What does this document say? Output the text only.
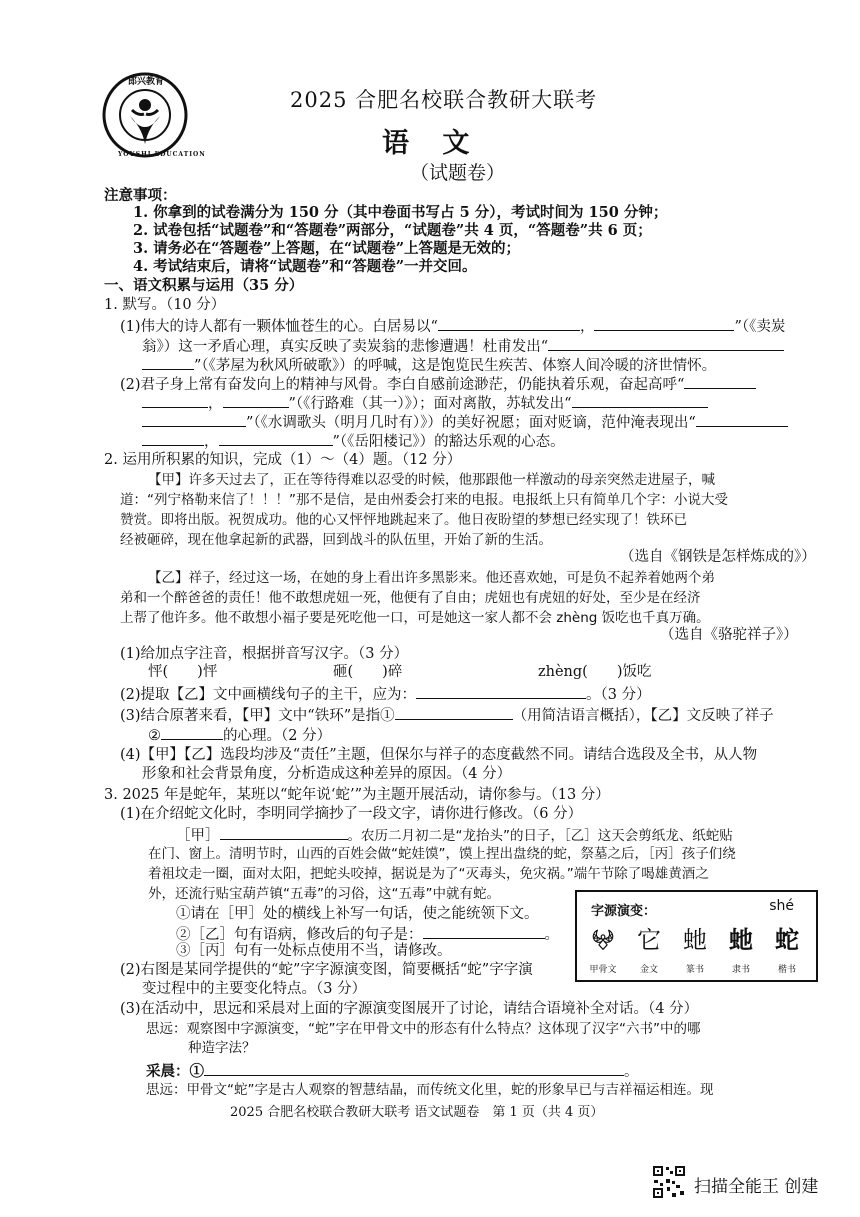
郎兴教育
YOUSHI EDUCATION
2025 合肥名校联合教研大联考
语 文
（试题卷）
注意事项：
1. 你拿到的试卷满分为 150 分（其中卷面书写占 5 分），考试时间为 150 分钟；
2. 试卷包括“试题卷”和“答题卷”两部分，“试题卷”共 4 页，“答题卷”共 6 页；
3. 请务必在“答题卷”上答题，在“试题卷”上答题是无效的；
4. 考试结束后，请将“试题卷”和“答题卷”一并交回。
一、语文积累与运用（35 分）
1. 默写。（10 分）
(1)伟大的诗人都有一颗体恤苍生的心。白居易以“	，	”（《卖炭
翁》）这一矛盾心理，真实反映了卖炭翁的悲惨遭遇！杜甫发出“
”（《茅屋为秋风所破歌》）的呼喊，这是饱览民生疾苦、体察人间冷暖的济世情怀。
(2)君子身上常有奋发向上的精神与风骨。李白自感前途渺茫，仍能执着乐观，奋起高呼“
，	”（《行路难（其一）》）；面对离散，苏轼发出“
”（《水调歌头（明月几时有）》）的美好祝愿；面对贬谪，范仲淹表现出“
，	”（《岳阳楼记》）的豁达乐观的心态。
2. 运用所积累的知识，完成（1）～（4）题。（12 分）
【甲】许多天过去了，正在等待得难以忍受的时候，他那跟他一样激动的母亲突然走进屋子，喊
道：“列宁格勒来信了！！！”那不是信，是由州委会打来的电报。电报纸上只有简单几个字：小说大受
赞赏。即将出版。祝贺成功。他的心又怦怦地跳起来了。他日夜盼望的梦想已经实现了！铁环已
经被砸碎，现在他拿起新的武器，回到战斗的队伍里，开始了新的生活。
（选自《钢铁是怎样炼成的》）
【乙】祥子，经过这一场，在她的身上看出许多黑影来。他还喜欢她，可是负不起养着她两个弟
弟和一个醉爸爸的责任！他不敢想虎妞一死，他便有了自由；虎妞也有虎妞的好处，至少是在经济
上帮了他许多。他不敢想小福子要是死吃他一口，可是她这一家人都不会 zhèng 饭吃也千真万确。
（选自《骆驼祥子》）
(1)给加点字注音，根据拼音写汉字。（3 分）
怦(　　)怦	砸(　　)碎	zhèng(　　)饭吃
(2)提取【乙】文中画横线句子的主干，应为：	。（3 分）
(3)结合原著来看，【甲】文中“铁环”是指①	（用简洁语言概括），【乙】文反映了祥子
②	的心理。（2 分）
(4)【甲】【乙】选段均涉及“责任”主题，但保尔与祥子的态度截然不同。请结合选段及全书，从人物
形象和社会背景角度，分析造成这种差异的原因。（4 分）
3. 2025 年是蛇年，某班以“蛇年说‘蛇’”为主题开展活动，请你参与。（13 分）
(1)在介绍蛇文化时，李明同学摘抄了一段文字，请你进行修改。（6 分）
［甲］	。农历二月初二是“龙抬头”的日子，［乙］这天会剪纸龙、纸蛇贴
在门、窗上。清明节时，山西的百姓会做“蛇娃馍”，馍上捏出盘绕的蛇，祭墓之后，［丙］孩子们绕
着祖坟走一圈，面对太阳，把蛇头咬掉，据说是为了“灭毒头，免灾祸。”端午节除了喝雄黄酒之
外，还流行贴宝葫芦镇“五毒”的习俗，这“五毒”中就有蛇。
①请在［甲］处的横线上补写一句话，使之能统领下文。
②［乙］句有语病，修改后的句子是：	。
③［丙］句有一处标点使用不当，请修改。
(2)右图是某同学提供的“蛇”字字源演变图，简要概括“蛇”字字演
变过程中的主要变化特点。（3 分）
字源演变：	shé
𖤍
甲骨文
它
金文
虵
篆书
虵
隶书
蛇
楷书
(3)在活动中，思远和采晨对上面的字源演变图展开了讨论，请结合语境补全对话。（4 分）
思远：观察图中字源演变，“蛇”字在甲骨文中的形态有什么特点？这体现了汉字“六书”中的哪
种造字法？
采晨：①	。
思远：甲骨文“蛇”字是古人观察的智慧结晶，而传统文化里，蛇的形象早已与吉祥福运相连。现
2025 合肥名校联合教研大联考 语文试题卷　第 1 页（共 4 页）
扫描全能王 创建
